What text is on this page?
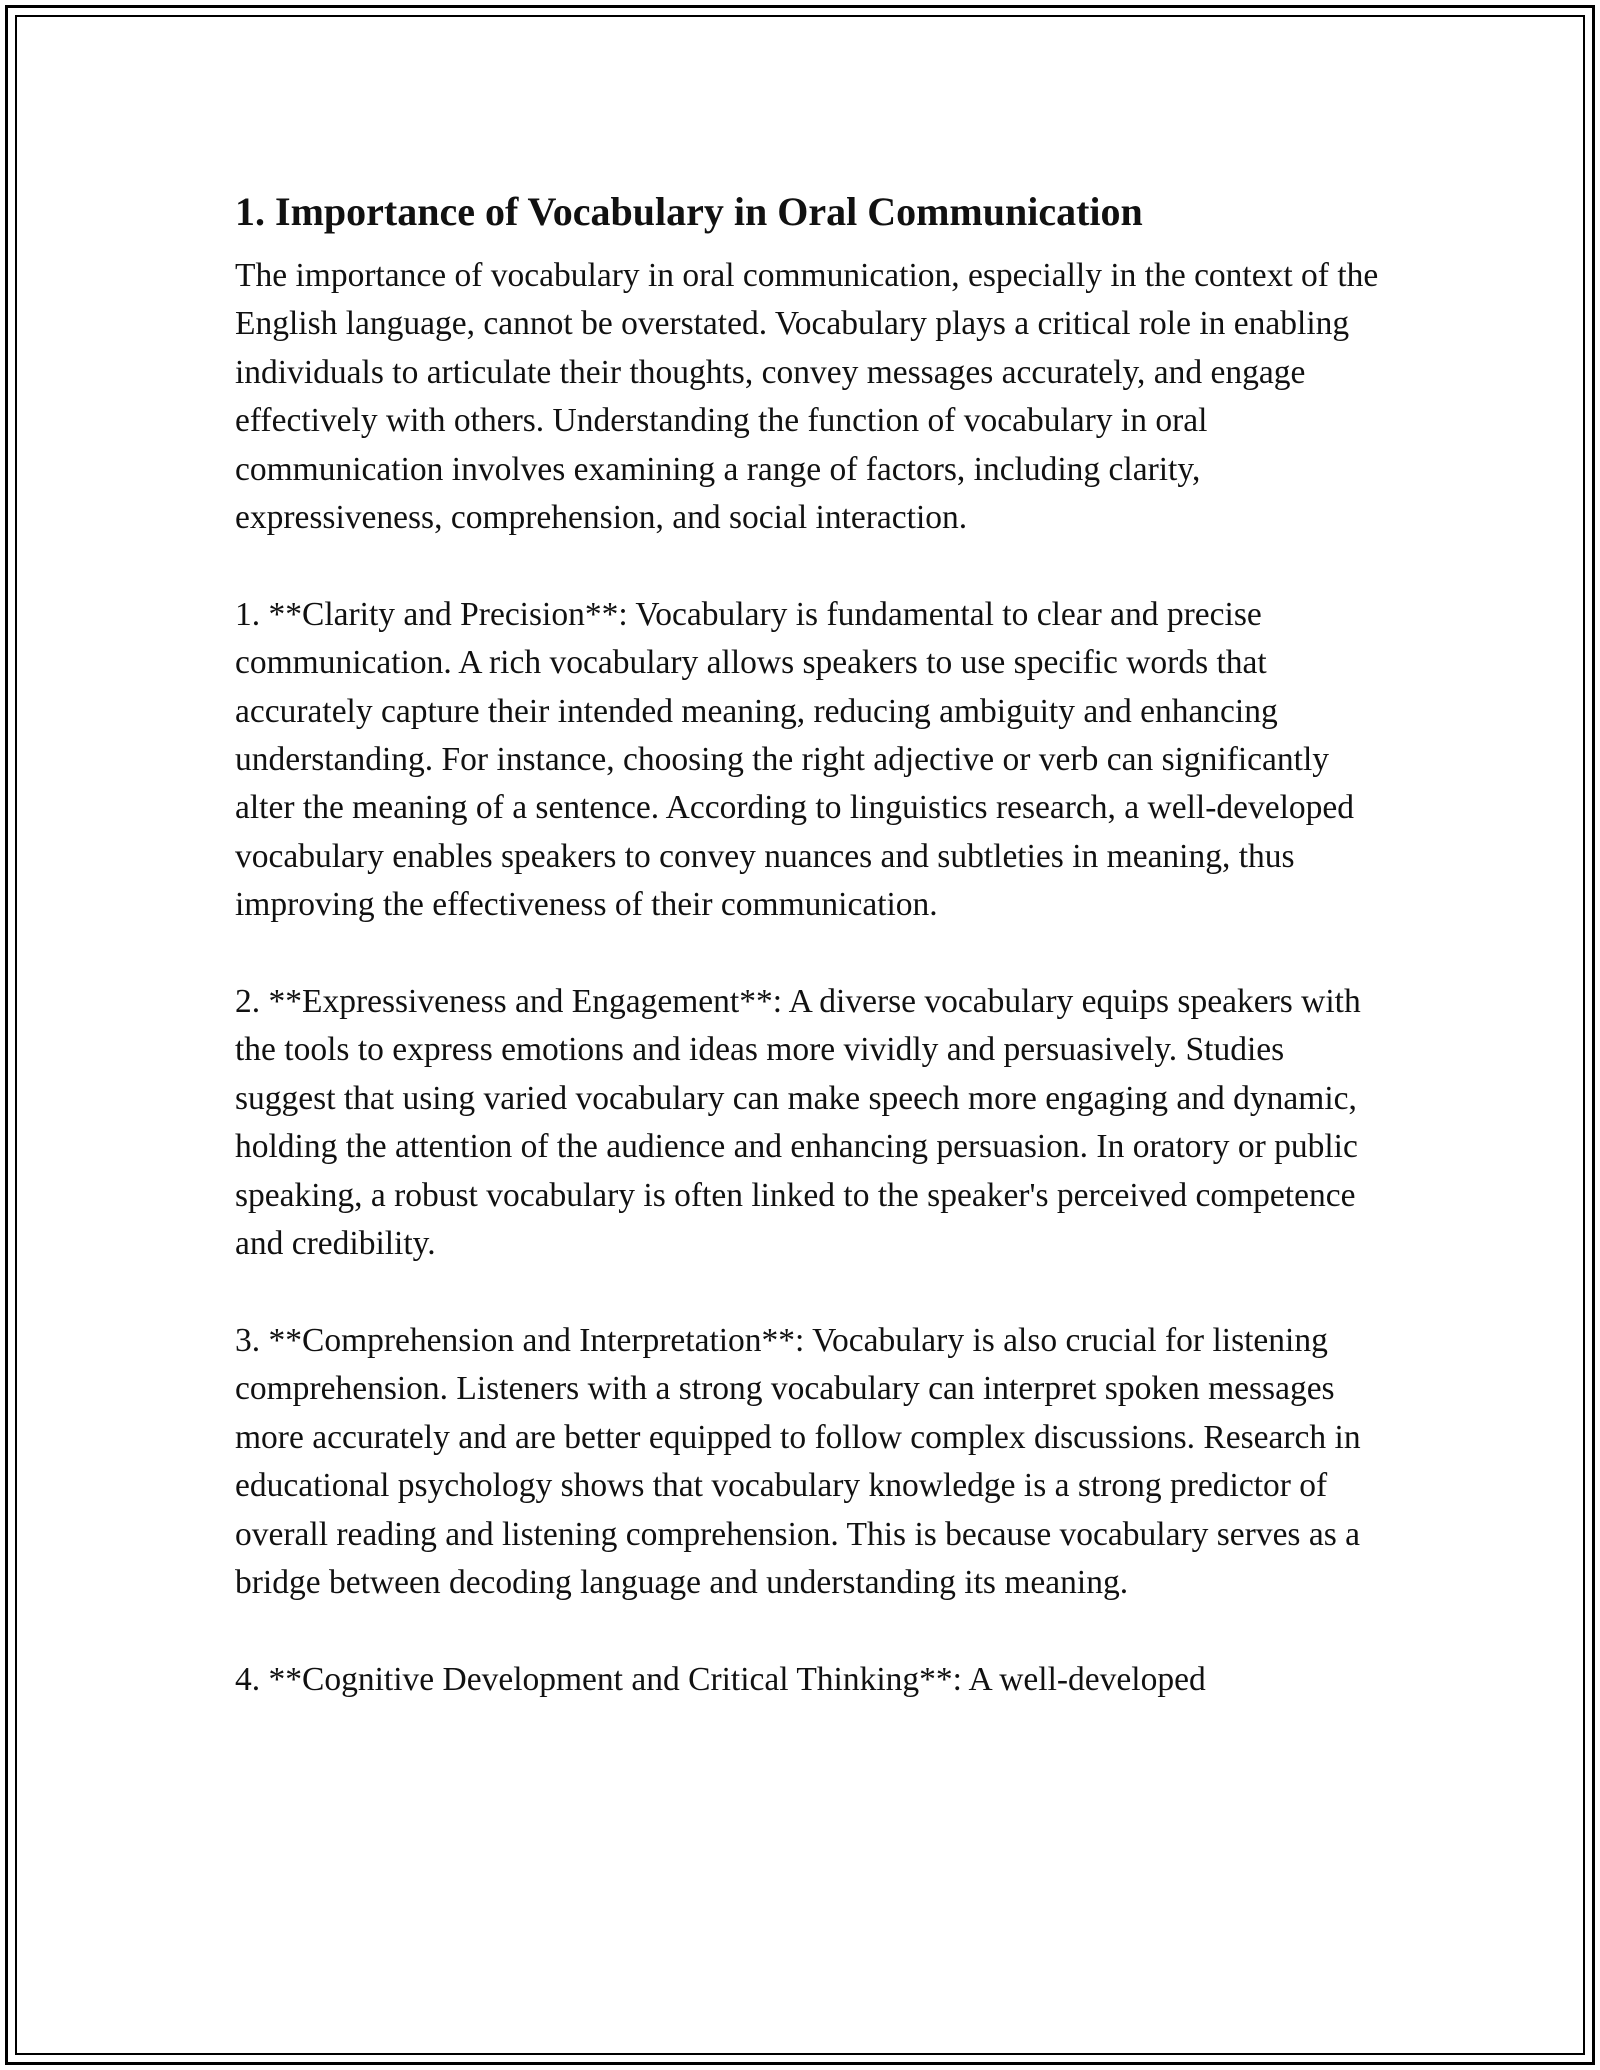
1. Importance of Vocabulary in Oral Communication

The importance of vocabulary in oral communication, especially in the context of the English language, cannot be overstated. Vocabulary plays a critical role in enabling individuals to articulate their thoughts, convey messages accurately, and engage effectively with others. Understanding the function of vocabulary in oral communication involves examining a range of factors, including clarity, expressiveness, comprehension, and social interaction.

1. **Clarity and Precision**: Vocabulary is fundamental to clear and precise communication. A rich vocabulary allows speakers to use specific words that accurately capture their intended meaning, reducing ambiguity and enhancing understanding. For instance, choosing the right adjective or verb can significantly alter the meaning of a sentence. According to linguistics research, a well-developed vocabulary enables speakers to convey nuances and subtleties in meaning, thus improving the effectiveness of their communication.

2. **Expressiveness and Engagement**: A diverse vocabulary equips speakers with the tools to express emotions and ideas more vividly and persuasively. Studies suggest that using varied vocabulary can make speech more engaging and dynamic, holding the attention of the audience and enhancing persuasion. In oratory or public speaking, a robust vocabulary is often linked to the speaker's perceived competence and credibility.

3. **Comprehension and Interpretation**: Vocabulary is also crucial for listening comprehension. Listeners with a strong vocabulary can interpret spoken messages more accurately and are better equipped to follow complex discussions. Research in educational psychology shows that vocabulary knowledge is a strong predictor of overall reading and listening comprehension. This is because vocabulary serves as a bridge between decoding language and understanding its meaning.

4. **Cognitive Development and Critical Thinking**: A well-developed
